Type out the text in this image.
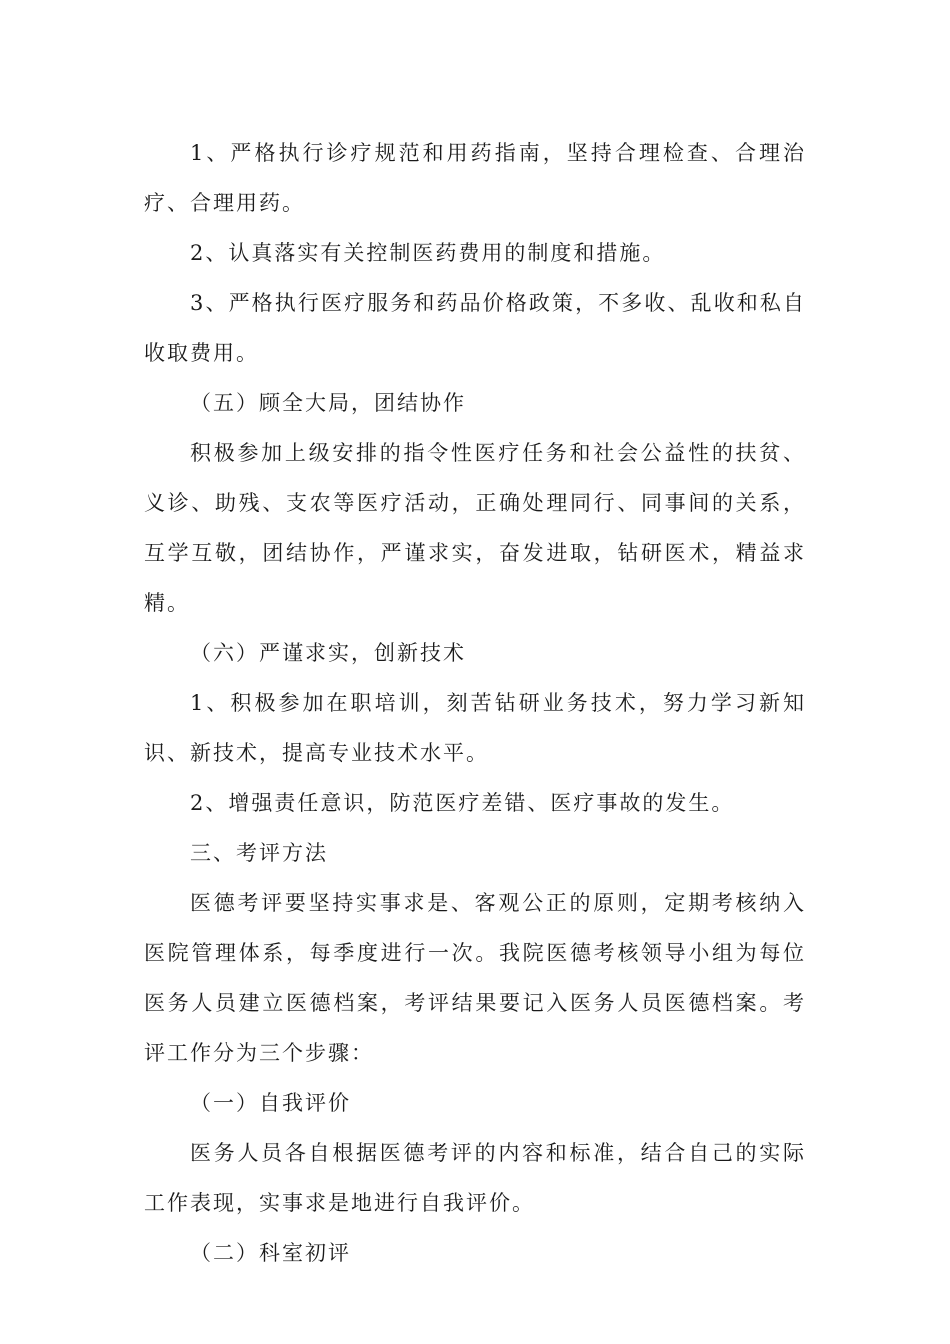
1、严格执行诊疗规范和用药指南，坚持合理检查、合理治疗、合理用药。

2、认真落实有关控制医药费用的制度和措施。

3、严格执行医疗服务和药品价格政策，不多收、乱收和私自收取费用。

（五）顾全大局，团结协作

积极参加上级安排的指令性医疗任务和社会公益性的扶贫、义诊、助残、支农等医疗活动，正确处理同行、同事间的关系，互学互敬，团结协作，严谨求实，奋发进取，钻研医术，精益求精。

（六）严谨求实，创新技术

1、积极参加在职培训，刻苦钻研业务技术，努力学习新知识、新技术，提高专业技术水平。

2、增强责任意识，防范医疗差错、医疗事故的发生。

三、考评方法

医德考评要坚持实事求是、客观公正的原则，定期考核纳入医院管理体系，每季度进行一次。我院医德考核领导小组为每位医务人员建立医德档案，考评结果要记入医务人员医德档案。考评工作分为三个步骤：

（一）自我评价

医务人员各自根据医德考评的内容和标准，结合自己的实际工作表现，实事求是地进行自我评价。

（二）科室初评
